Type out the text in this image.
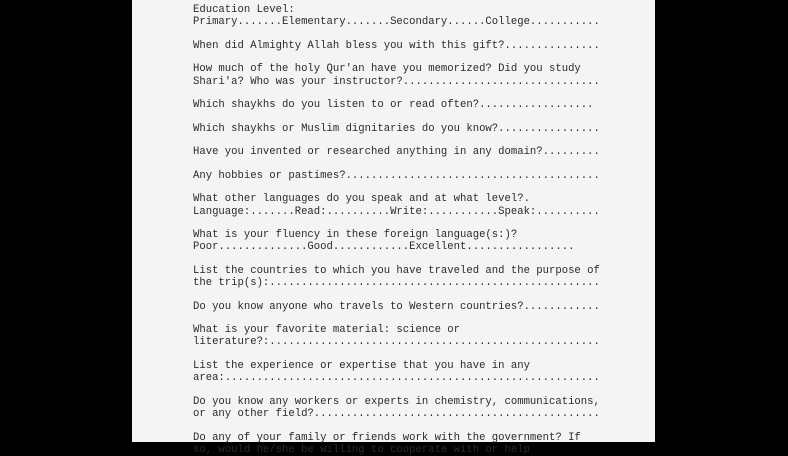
Education Level:
Primary.......Elementary.......Secondary......College...........
When did Almighty Allah bless you with this gift?...............
How much of the holy Qur'an have you memorized? Did you study
Shari'a? Who was your instructor?...............................
Which shaykhs do you listen to or read often?..................
Which shaykhs or Muslim dignitaries do you know?................
Have you invented or researched anything in any domain?.........
Any hobbies or pastimes?........................................
What other languages do you speak and at what level?.
Language:.......Read:..........Write:...........Speak:..........
What is your fluency in these foreign language(s:)?
Poor..............Good............Excellent.................
List the countries to which you have traveled and the purpose of
the trip(s):....................................................
Do you know anyone who travels to Western countries?............
What is your favorite material: science or
literature?:....................................................
List the experience or expertise that you have in any
area:...........................................................
Do you know any workers or experts in chemistry, communications,
or any other field?.............................................
Do any of your family or friends work with the government? If
so, would he/she be willing to cooperate with or help
